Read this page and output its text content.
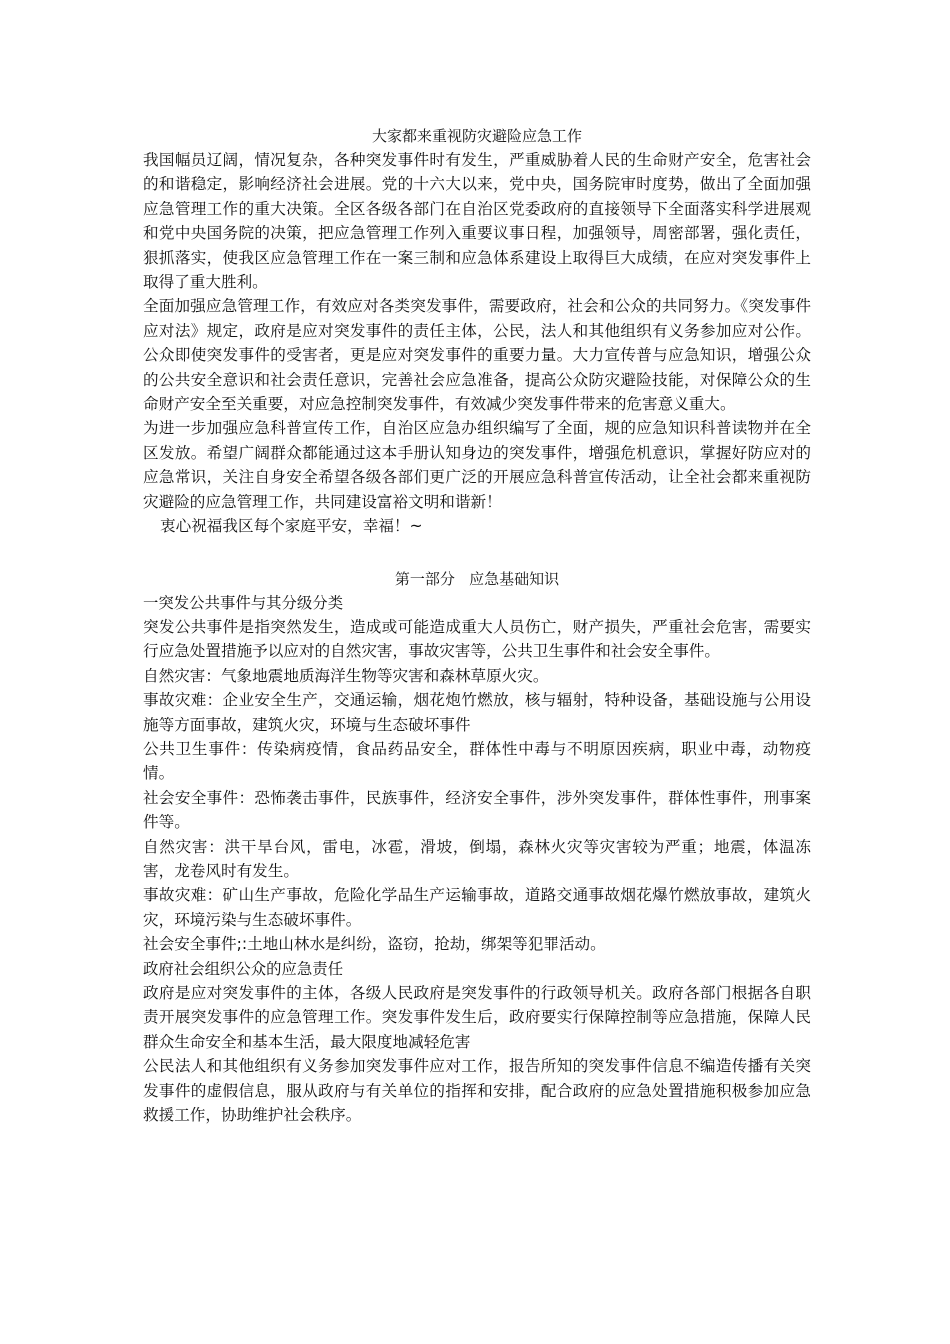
大家都来重视防灾避险应急工作

我国幅员辽阔，情况复杂，各种突发事件时有发生，严重威胁着人民的生命财产安全，危害社会的和谐稳定，影响经济社会进展。党的十六大以来，党中央，国务院审时度势，做出了全面加强应急管理工作的重大决策。全区各级各部门在自治区党委政府的直接领导下全面落实科学进展观和党中央国务院的决策，把应急管理工作列入重要议事日程，加强领导，周密部署，强化责任，狠抓落实，使我区应急管理工作在一案三制和应急体系建设上取得巨大成绩，在应对突发事件上取得了重大胜利。

全面加强应急管理工作，有效应对各类突发事件，需要政府，社会和公众的共同努力。《突发事件应对法》规定，政府是应对突发事件的责任主体，公民，法人和其他组织有义务参加应对公作。公众即使突发事件的受害者，更是应对突发事件的重要力量。大力宣传普与应急知识，增强公众的公共安全意识和社会责任意识，完善社会应急准备，提高公众防灾避险技能，对保障公众的生命财产安全至关重要，对应急控制突发事件，有效减少突发事件带来的危害意义重大。

为进一步加强应急科普宣传工作，自治区应急办组织编写了全面，规的应急知识科普读物并在全区发放。希望广阔群众都能通过这本手册认知身边的突发事件，增强危机意识，掌握好防应对的应急常识，关注自身安全希望各级各部们更广泛的开展应急科普宣传活动，让全社会都来重视防灾避险的应急管理工作，共同建设富裕文明和谐新！

衷心祝福我区每个家庭平安，幸福！~

第一部分   应急基础知识

一突发公共事件与其分级分类

突发公共事件是指突然发生，造成或可能造成重大人员伤亡，财产损失，严重社会危害，需要实行应急处置措施予以应对的自然灾害，事故灾害等，公共卫生事件和社会安全事件。

自然灾害：气象地震地质海洋生物等灾害和森林草原火灾。

事故灾难：企业安全生产，交通运输，烟花炮竹燃放，核与辐射，特种设备，基础设施与公用设施等方面事故，建筑火灾，环境与生态破坏事件

公共卫生事件：传染病疫情，食品药品安全，群体性中毒与不明原因疾病，职业中毒，动物疫情。

社会安全事件：恐怖袭击事件，民族事件，经济安全事件，涉外突发事件，群体性事件，刑事案件等。

自然灾害：洪干旱台风，雷电，冰雹，滑坡，倒塌，森林火灾等灾害较为严重；地震，体温冻害，龙卷风时有发生。

事故灾难：矿山生产事故，危险化学品生产运输事故，道路交通事故烟花爆竹燃放事故，建筑火灾，环境污染与生态破坏事件。

社会安全事件;:土地山林水是纠纷，盗窃，抢劫，绑架等犯罪活动。

政府社会组织公众的应急责任

政府是应对突发事件的主体，各级人民政府是突发事件的行政领导机关。政府各部门根据各自职责开展突发事件的应急管理工作。突发事件发生后，政府要实行保障控制等应急措施，保障人民群众生命安全和基本生活，最大限度地减轻危害

公民法人和其他组织有义务参加突发事件应对工作，报告所知的突发事件信息不编造传播有关突发事件的虚假信息，服从政府与有关单位的指挥和安排，配合政府的应急处置措施积极参加应急救援工作，协助维护社会秩序。
